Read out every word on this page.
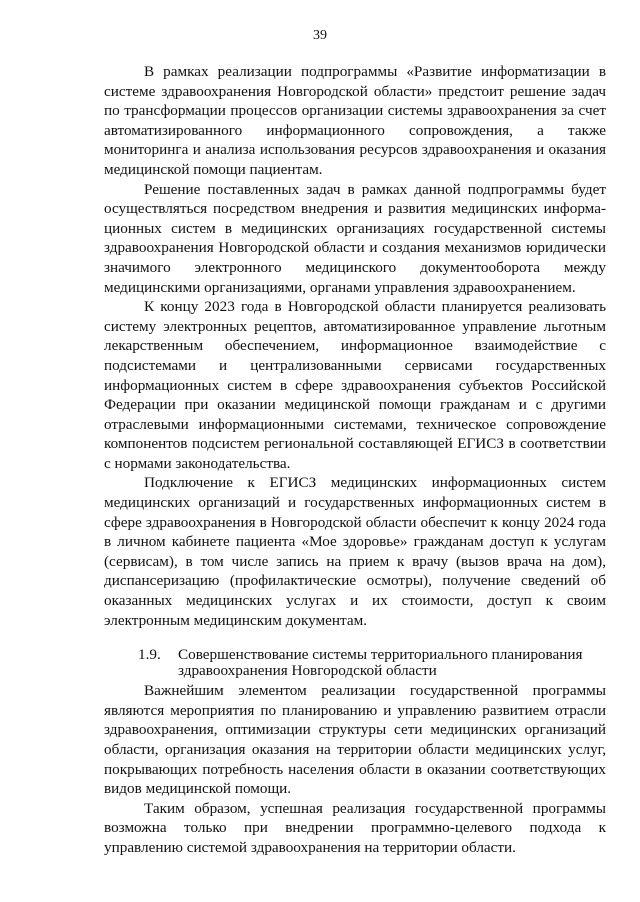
39

В рамках реализации подпрограммы «Развитие информатизации в системе здравоохранения Новгородской области» предстоит решение задач по трансформации процессов организации системы здравоохранения за счет автоматизированного информационного сопровождения, а также мониторинга и анализа использования ресурсов здравоохранения и оказания медицинской помощи пациентам.

Решение поставленных задач в рамках данной подпрограммы будет осуществляться посредством внедрения и развития медицинских информационных систем в медицинских организациях государственной системы здравоохранения Новгородской области и создания механизмов юридически значимого электронного медицинского документооборота между медицинскими организациями, органами управления здравоохранением.

К концу 2023 года в Новгородской области планируется реализовать систему электронных рецептов, автоматизированное управление льготным лекарственным обеспечением, информационное взаимодействие с подсистемами и централизованными сервисами государственных информационных систем в сфере здравоохранения субъектов Российской Федерации при оказании медицинской помощи гражданам и с другими отраслевыми информационными системами, техническое сопровождение компонентов подсистем региональной составляющей ЕГИСЗ в соответствии с нормами законодательства.

Подключение к ЕГИСЗ медицинских информационных систем медицинских организаций и государственных информационных систем в сфере здравоохранения в Новгородской области обеспечит к концу 2024 года в личном кабинете пациента «Мое здоровье» гражданам доступ к услугам (сервисам), в том числе запись на прием к врачу (вызов врача на дом), диспансеризацию (профилактические осмотры), получение сведений об оказанных медицинских услугах и их стоимости, доступ к своим электронным медицинским документам.

1.9.	Совершенствование системы территориального планирования здравоохранения Новгородской области

Важнейшим элементом реализации государственной программы являются мероприятия по планированию и управлению развитием отрасли здравоохранения, оптимизации структуры сети медицинских организаций области, организация оказания на территории области медицинских услуг, покрывающих потребность населения области в оказании соответствующих видов медицинской помощи.

Таким образом, успешная реализация государственной программы возможна только при внедрении программно-целевого подхода к управлению системой здравоохранения на территории области.
